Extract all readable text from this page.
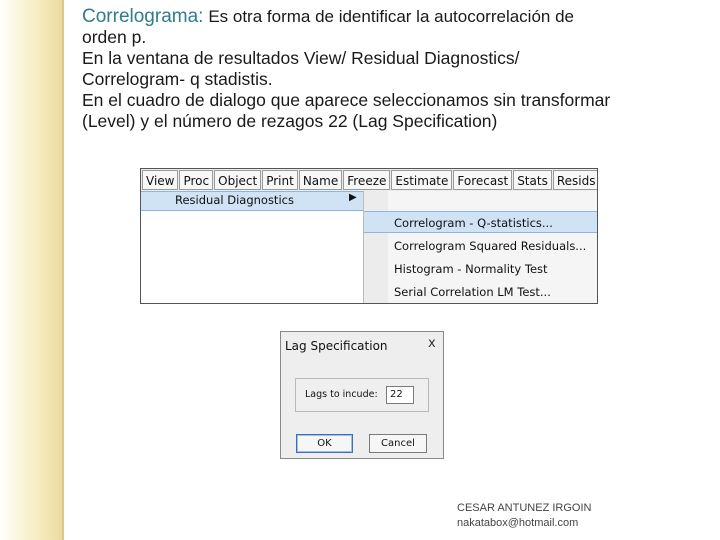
Correlograma: Es otra forma de identificar la autocorrelación de

orden p.

En la ventana de resultados View/ Residual Diagnostics/

Correlogram- q stadistis.

En el cuadro de dialogo que aparece seleccionamos sin transformar

(Level) y el número de rezagos 22 (Lag Specification)

View Proc Object Print Name Freeze Estimate Forecast Stats Resids
Residual Diagnostics	▶
Correlogram - Q-statistics...
Correlogram Squared Residuals...
Histogram - Normality Test
Serial Correlation LM Test...
Lag Specification	x
Lags to incude:	22
OK	Cancel
CESAR ANTUNEZ IRGOIN
nakatabox@hotmail.com
